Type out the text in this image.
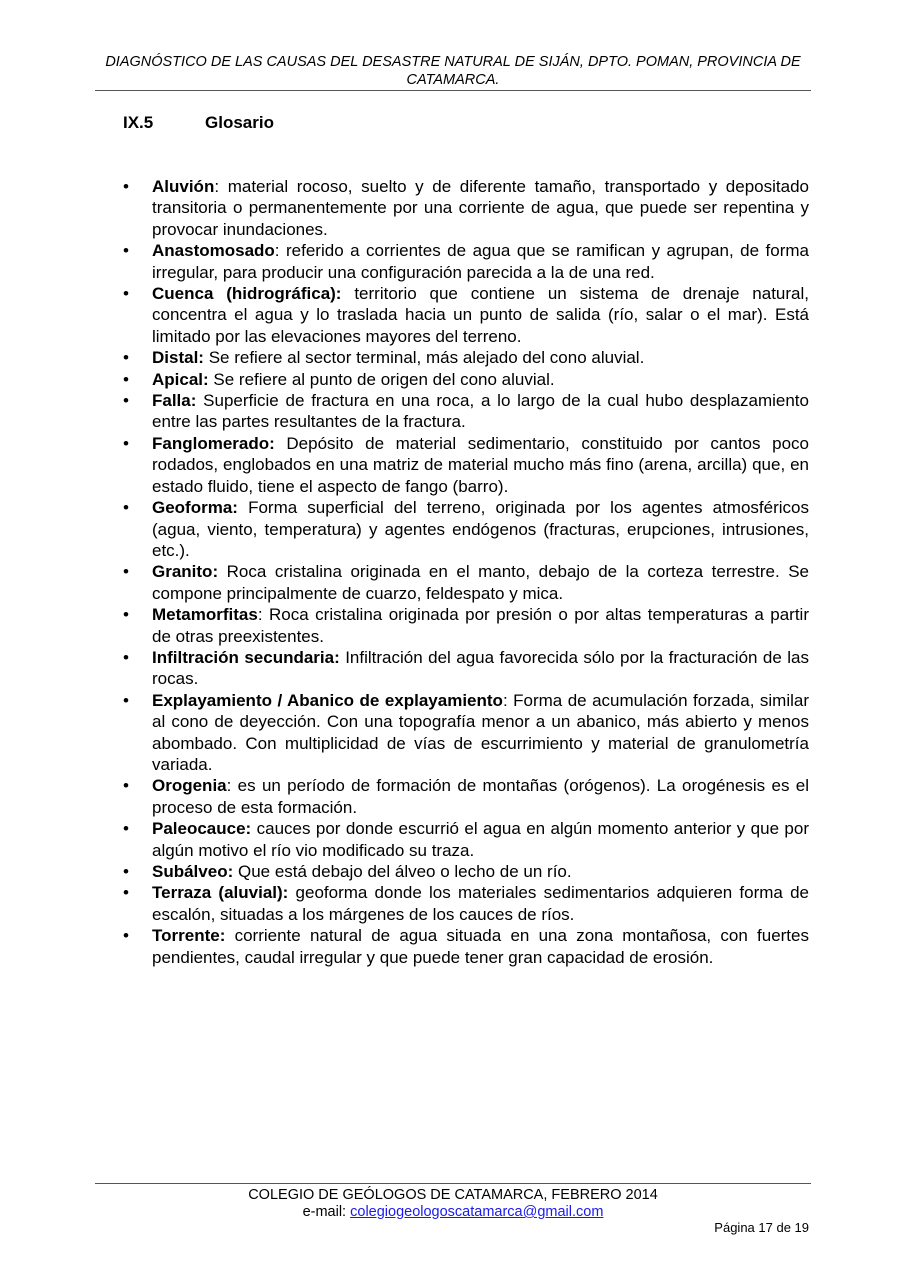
DIAGNÓSTICO DE LAS CAUSAS DEL DESASTRE NATURAL DE SIJÁN, DPTO. POMAN, PROVINCIA DE CATAMARCA.
IX.5	Glosario
• Aluvión: material rocoso, suelto y de diferente tamaño, transportado y depositado transitoria o permanentemente por una corriente de agua, que puede ser repentina y provocar inundaciones.
• Anastomosado: referido a corrientes de agua que se ramifican y agrupan, de forma irregular, para producir una configuración parecida a la de una red.
• Cuenca (hidrográfica): territorio que contiene un sistema de drenaje natural, concentra el agua y lo traslada hacia un punto de salida (río, salar o el mar). Está limitado por las elevaciones mayores del terreno.
• Distal: Se refiere al sector terminal, más alejado del cono aluvial.
• Apical: Se refiere al punto de origen del cono aluvial.
• Falla: Superficie de fractura en una roca, a lo largo de la cual hubo desplazamiento entre las partes resultantes de la fractura.
• Fanglomerado: Depósito de material sedimentario, constituido por cantos poco rodados, englobados en una matriz de material mucho más fino (arena, arcilla) que, en estado fluido, tiene el aspecto de fango (barro).
• Geoforma: Forma superficial del terreno, originada por los agentes atmosféricos (agua, viento, temperatura) y agentes endógenos (fracturas, erupciones, intrusiones, etc.).
• Granito: Roca cristalina originada en el manto, debajo de la corteza terrestre. Se compone principalmente de cuarzo, feldespato y mica.
• Metamorfitas: Roca cristalina originada por presión o por altas temperaturas a partir de otras preexistentes.
• Infiltración secundaria: Infiltración del agua favorecida sólo por la fracturación de las rocas.
• Explayamiento / Abanico de explayamiento: Forma de acumulación forzada, similar al cono de deyección. Con una topografía menor a un abanico, más abierto y menos abombado. Con multiplicidad de vías de escurrimiento y material de granulometría variada.
• Orogenia: es un período de formación de montañas (orógenos). La orogénesis es el proceso de esta formación.
• Paleocauce: cauces por donde escurrió el agua en algún momento anterior y que por algún motivo el río vio modificado su traza.
• Subálveo: Que está debajo del álveo o lecho de un río.
• Terraza (aluvial): geoforma donde los materiales sedimentarios adquieren forma de escalón, situadas a los márgenes de los cauces de ríos.
• Torrente: corriente natural de agua situada en una zona montañosa, con fuertes pendientes, caudal irregular y que puede tener gran capacidad de erosión.
COLEGIO DE GEÓLOGOS DE CATAMARCA, FEBRERO 2014
e-mail: colegiogeologoscatamarca@gmail.com
Página 17 de 19
